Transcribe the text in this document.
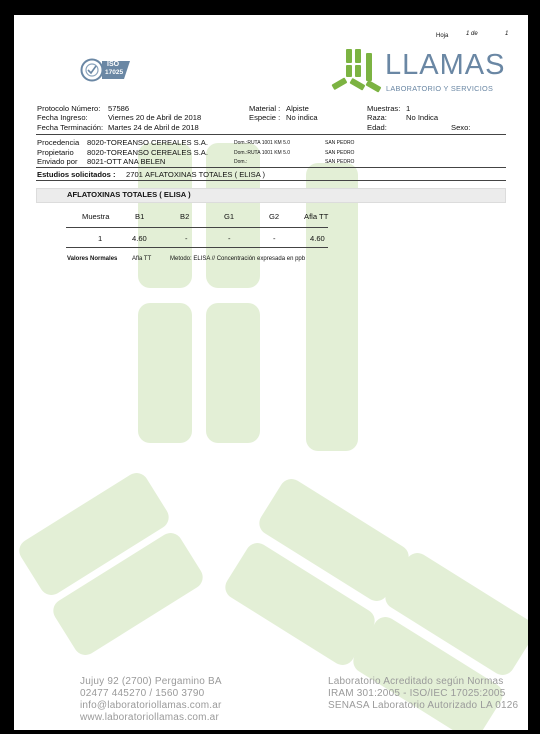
Hoja	1 de	1
ISO
17025	LLAMAS
LABORATORIO Y SERVICIOS
Protocolo Número: 57586
Fecha Ingreso:	Viernes 20 de Abril de 2018
Fecha Terminación: Martes 24 de Abril de 2018
Material : Alpiste
Especie : No indica
Muestras: 1
Raza:	No Indica
Edad:	Sexo:
Procedencia 8020-TOREANSO CEREALES S.A.	Dom.:RUTA 1001 KM 5.0	SAN PEDRO
Propietario 8020-TOREANSO CEREALES S.A.	Dom.:RUTA 1001 KM 5.0	SAN PEDRO
Enviado por 8021-OTT ANA BELEN	Dom.:	SAN PEDRO
Estudios solicitados : 2701 AFLATOXINAS TOTALES ( ELISA )
AFLATOXINAS TOTALES ( ELISA )
Muestra	B1	B2	G1	G2	Afla TT
1	4.60	-	-	-	4.60
Valores Normales Afla TT	Metodo: ELISA // Concentración expresada en ppb
Jujuy 92 (2700) Pergamino BA
02477 445270 / 1560 3790
info@laboratoriollamas.com.ar
www.laboratoriollamas.com.ar
Laboratorio Acreditado según Normas
IRAM 301:2005 - ISO/IEC 17025:2005
SENASA Laboratorio Autorizado LA 0126
